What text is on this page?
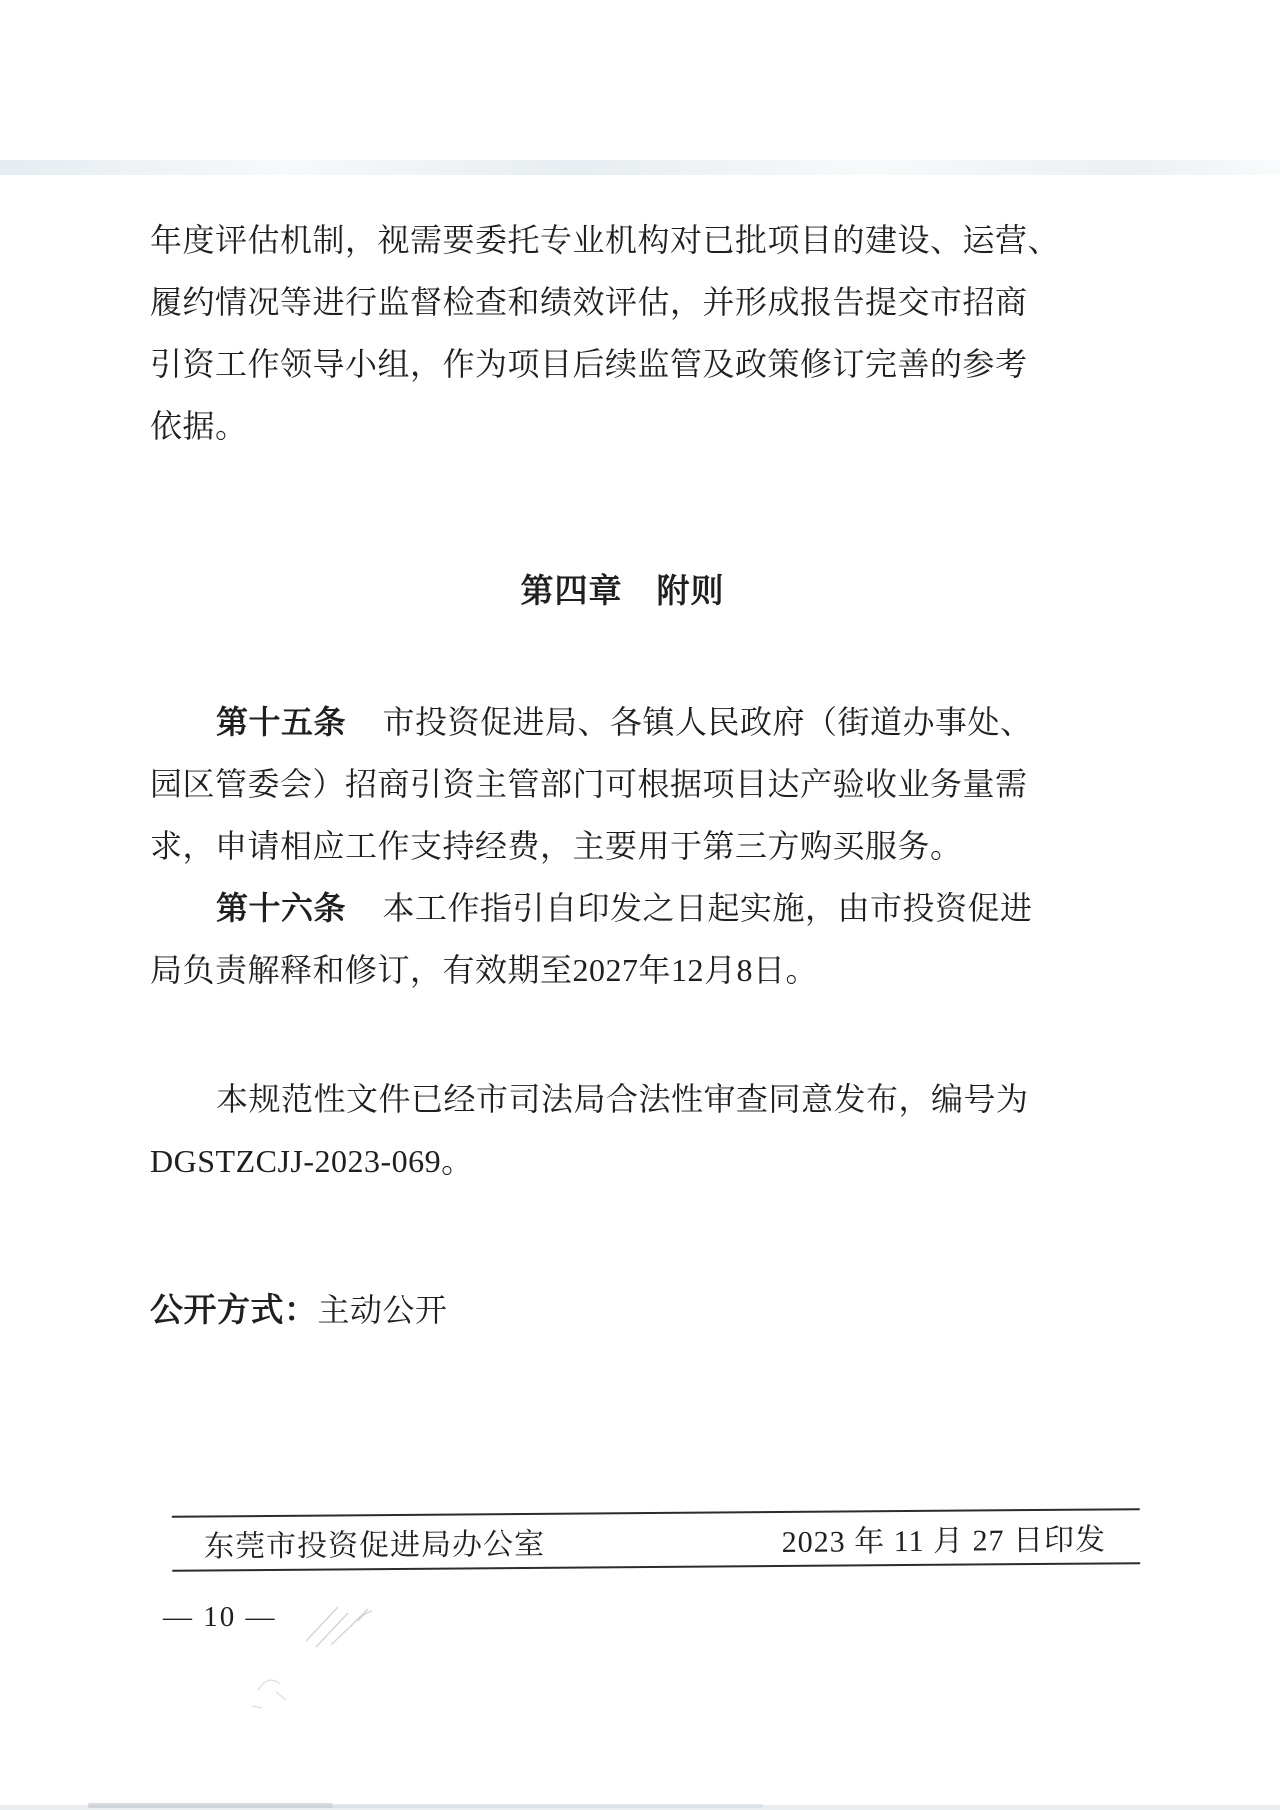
年度评估机制，视需要委托专业机构对已批项目的建设、运营、
履约情况等进行监督检查和绩效评估，并形成报告提交市招商
引资工作领导小组，作为项目后续监管及政策修订完善的参考
依据。
第四章　附则
第十五条　市投资促进局、各镇人民政府（街道办事处、
园区管委会）招商引资主管部门可根据项目达产验收业务量需
求，申请相应工作支持经费，主要用于第三方购买服务。
第十六条　本工作指引自印发之日起实施，由市投资促进
局负责解释和修订，有效期至2027年12月8日。
本规范性文件已经市司法局合法性审查同意发布，编号为
DGSTZCJJ-2023-069。
公开方式：主动公开
东莞市投资促进局办公室	2023 年 11 月 27 日印发
— 10 —
